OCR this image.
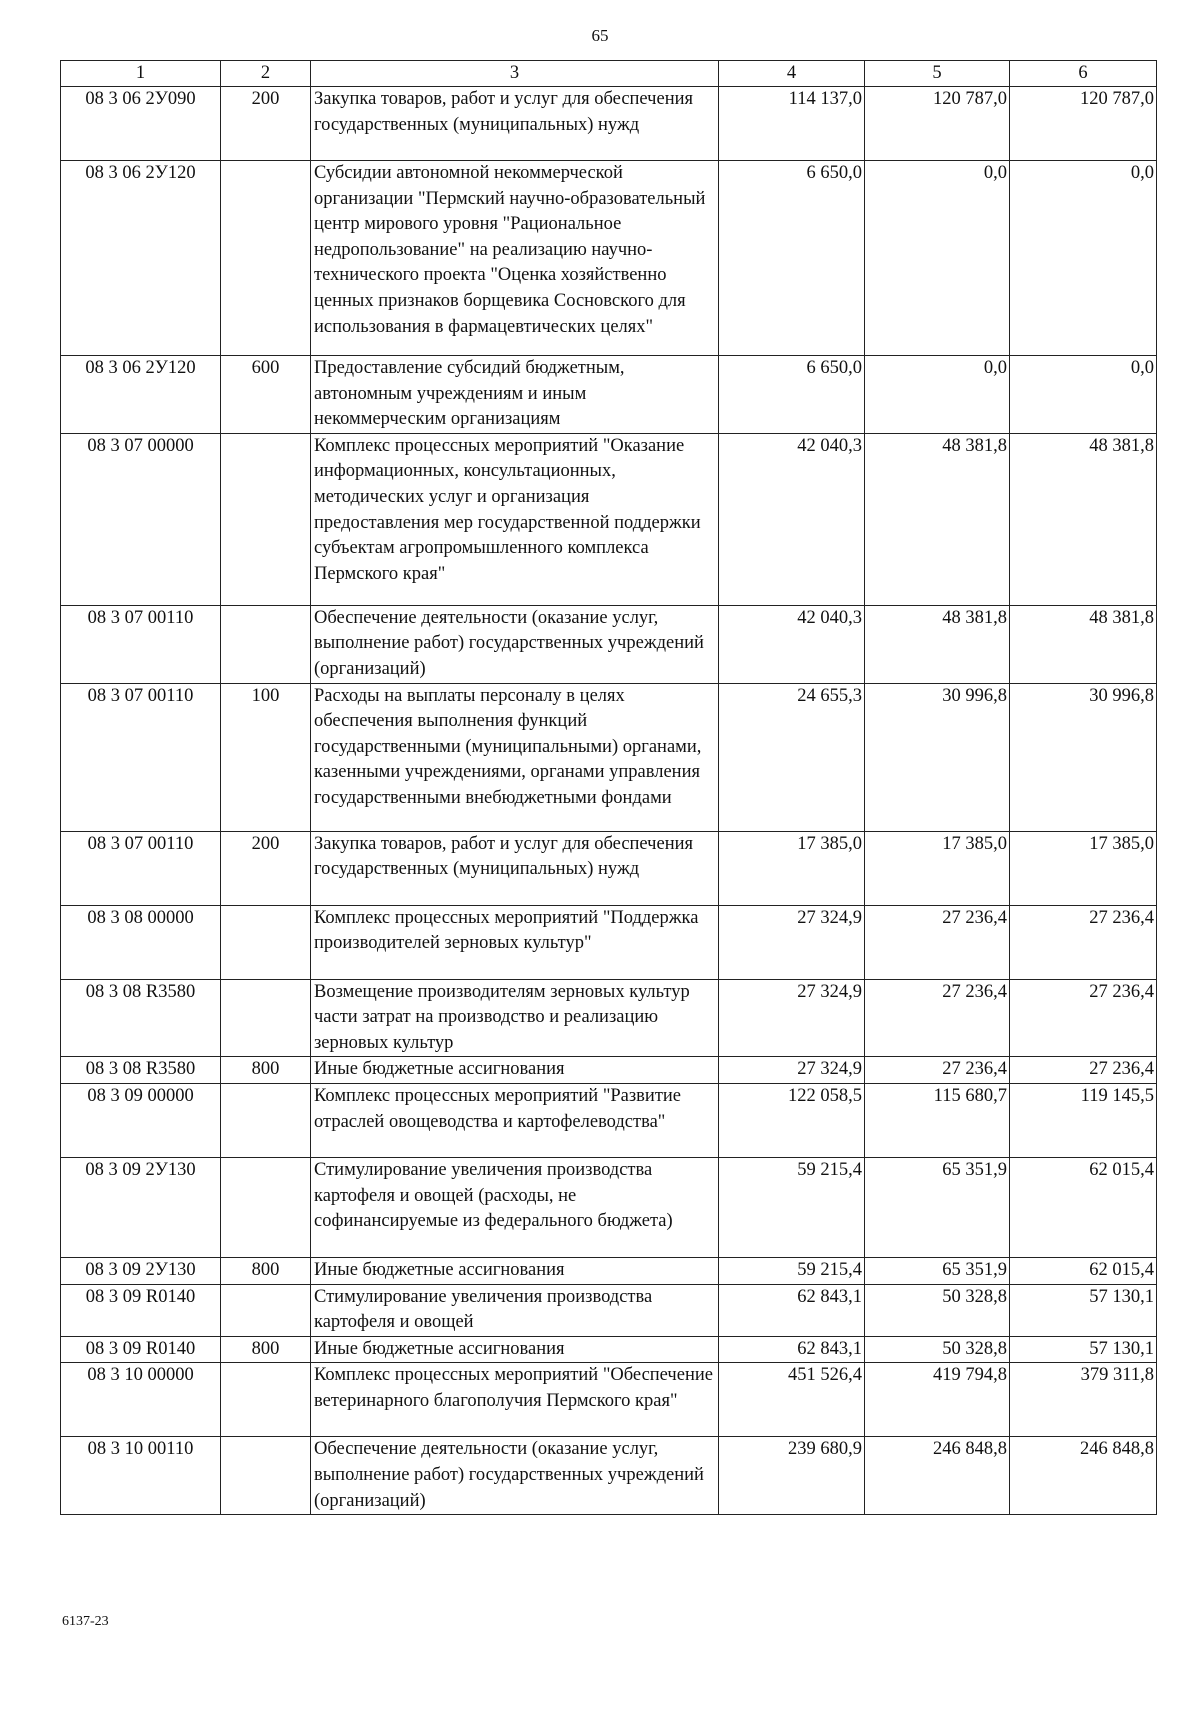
65
1	2	3	4	5	6
08 3 06 2У090	200	Закупка товаров, работ и услуг для обеспечения государственных (муниципальных) нужд	114 137,0	120 787,0	120 787,0
08 3 06 2У120		Субсидии автономной некоммерческой организации "Пермский научно-образовательный центр мирового уровня "Рациональное недропользование" на реализацию научно-технического проекта "Оценка хозяйственно ценных признаков борщевика Сосновского для использования в фармацевтических целях"	6 650,0	0,0	0,0
08 3 06 2У120	600	Предоставление субсидий бюджетным, автономным учреждениям и иным некоммерческим организациям	6 650,0	0,0	0,0
08 3 07 00000		Комплекс процессных мероприятий "Оказание информационных, консультационных, методических услуг и организация предоставления мер государственной поддержки субъектам агропромышленного комплекса Пермского края"	42 040,3	48 381,8	48 381,8
08 3 07 00110		Обеспечение деятельности (оказание услуг, выполнение работ) государственных учреждений (организаций)	42 040,3	48 381,8	48 381,8
08 3 07 00110	100	Расходы на выплаты персоналу в целях обеспечения выполнения функций государственными (муниципальными) органами, казенными учреждениями, органами управления государственными внебюджетными фондами	24 655,3	30 996,8	30 996,8
08 3 07 00110	200	Закупка товаров, работ и услуг для обеспечения государственных (муниципальных) нужд	17 385,0	17 385,0	17 385,0
08 3 08 00000		Комплекс процессных мероприятий "Поддержка производителей зерновых культур"	27 324,9	27 236,4	27 236,4
08 3 08 R3580		Возмещение производителям зерновых культур части затрат на производство и реализацию зерновых культур	27 324,9	27 236,4	27 236,4
08 3 08 R3580	800	Иные бюджетные ассигнования	27 324,9	27 236,4	27 236,4
08 3 09 00000		Комплекс процессных мероприятий "Развитие отраслей овощеводства и картофелеводства"	122 058,5	115 680,7	119 145,5
08 3 09 2У130		Стимулирование увеличения производства картофеля и овощей (расходы, не софинансируемые из федерального бюджета)	59 215,4	65 351,9	62 015,4
08 3 09 2У130	800	Иные бюджетные ассигнования	59 215,4	65 351,9	62 015,4
08 3 09 R0140		Стимулирование увеличения производства картофеля и овощей	62 843,1	50 328,8	57 130,1
08 3 09 R0140	800	Иные бюджетные ассигнования	62 843,1	50 328,8	57 130,1
08 3 10 00000		Комплекс процессных мероприятий "Обеспечение ветеринарного благополучия Пермского края"	451 526,4	419 794,8	379 311,8
08 3 10 00110		Обеспечение деятельности (оказание услуг, выполнение работ) государственных учреждений (организаций)	239 680,9	246 848,8	246 848,8
6137-23
